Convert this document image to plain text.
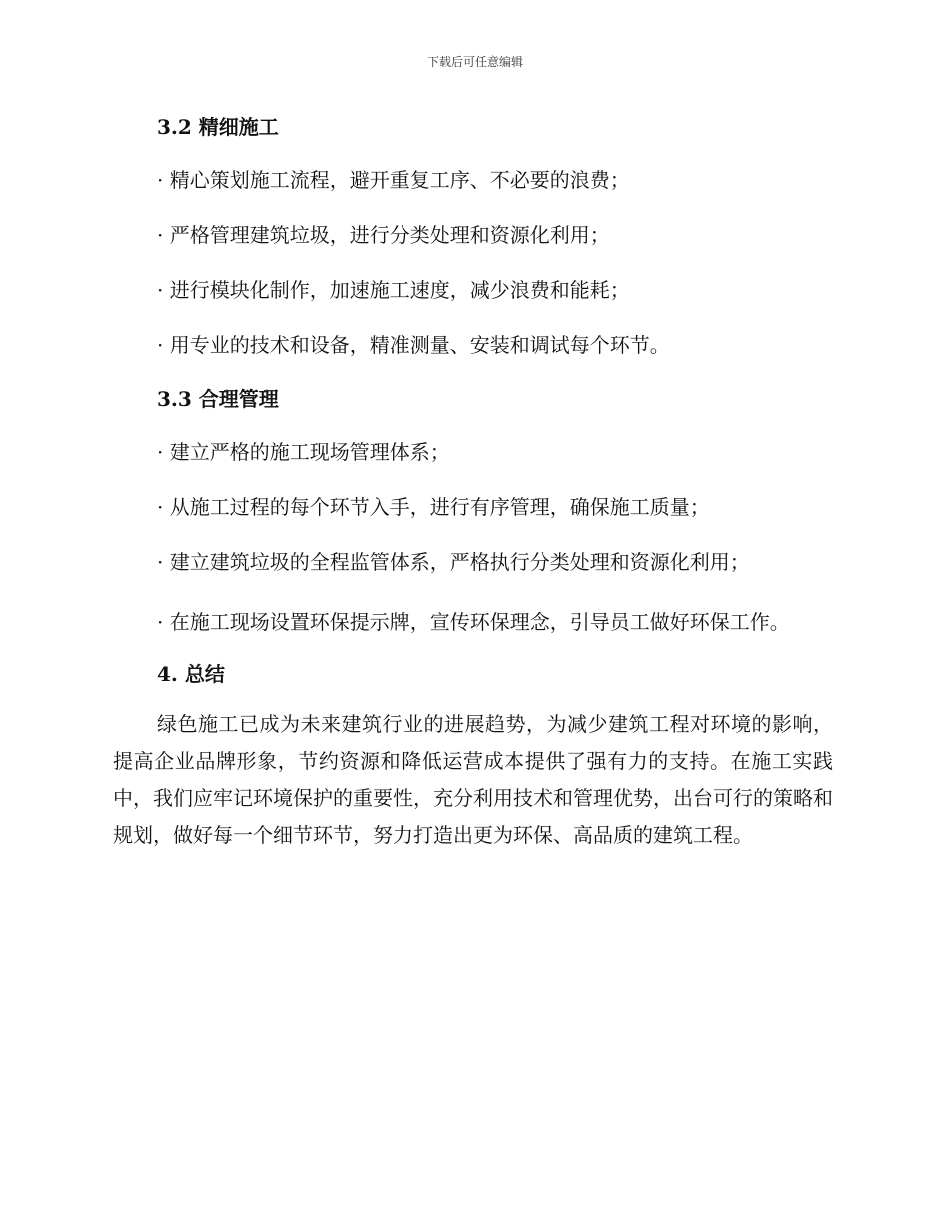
下载后可任意编辑
3.2 精细施工

· 精心策划施工流程，避开重复工序、不必要的浪费；

· 严格管理建筑垃圾，进行分类处理和资源化利用；

· 进行模块化制作，加速施工速度，减少浪费和能耗；

· 用专业的技术和设备，精准测量、安装和调试每个环节。

3.3 合理管理

· 建立严格的施工现场管理体系；

· 从施工过程的每个环节入手，进行有序管理，确保施工质量；

· 建立建筑垃圾的全程监管体系，严格执行分类处理和资源化利用；

· 在施工现场设置环保提示牌，宣传环保理念，引导员工做好环保工作。

4. 总结

绿色施工已成为未来建筑行业的进展趋势，为减少建筑工程对环境的影响，提高企业品牌形象，节约资源和降低运营成本提供了强有力的支持。在施工实践中，我们应牢记环境保护的重要性，充分利用技术和管理优势，出台可行的策略和规划，做好每一个细节环节，努力打造出更为环保、高品质的建筑工程。
